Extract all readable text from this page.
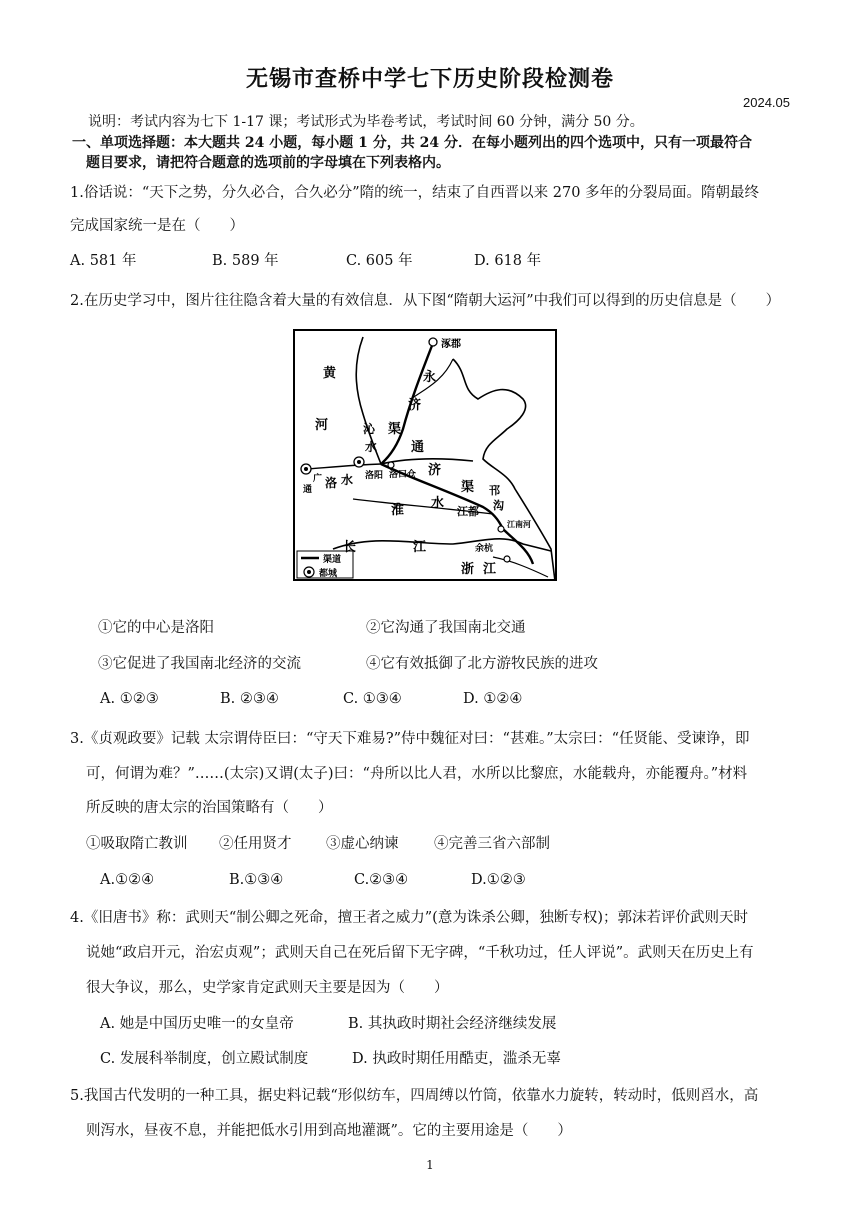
无锡市查桥中学七下历史阶段检测卷
2024.05
说明：考试内容为七下 1-17 课；考试形式为毕卷考试，考试时间 60 分钟，满分 50 分。
一、单项选择题：本大题共 24 小题，每小题 1 分，共 24 分．在每小题列出的四个选项中，只有一项最符合
题目要求，请把符合题意的选项前的字母填在下列表格内。
1.俗话说：“天下之势，分久必合，合久必分”隋的统一，结束了自西晋以来 270 多年的分裂局面。隋朝最终
完成国家统一是在（　　）
A. 581 年	B. 589 年	C. 605 年	D. 618 年
2.在历史学习中，图片往往隐含着大量的有效信息．从下图“隋朝大运河”中我们可以得到的历史信息是（　　）
涿郡
黄
河
永
济
沁
水
渠
通
洛阳 洛口仓 济
渠
广
通 洛 水
淮 水
邗
沟
江都
江南河
余杭
长	江
浙 江
渠道
都城
①它的中心是洛阳	②它沟通了我国南北交通
③它促进了我国南北经济的交流	④它有效抵御了北方游牧民族的进攻
A. ①②③	B. ②③④	C. ①③④	D. ①②④
3.《贞观政要》记载 太宗谓侍臣曰：“守天下难易?”侍中魏征对曰：“甚难。”太宗曰：“任贤能、受谏诤，即
可，何谓为难？”……(太宗)又谓(太子)曰：“舟所以比人君，水所以比黎庶，水能载舟，亦能覆舟。”材料
所反映的唐太宗的治国策略有（　　）
①吸取隋亡教训 ②任用贤才 ③虚心纳谏 ④完善三省六部制
A.①②④	B.①③④	C.②③④	D.①②③
4.《旧唐书》称：武则天“制公卿之死命，擅王者之威力”(意为诛杀公卿，独断专权)；郭沫若评价武则天时
说她“政启开元，治宏贞观”；武则天自己在死后留下无字碑，“千秋功过，任人评说”。武则天在历史上有
很大争议，那么，史学家肯定武则天主要是因为（　　）
A. 她是中国历史唯一的女皇帝	B. 其执政时期社会经济继续发展
C. 发展科举制度，创立殿试制度	D. 执政时期任用酷吏，滥杀无辜
5.我国古代发明的一种工具，据史料记载“形似纺车，四周缚以竹筒，依靠水力旋转，转动时，低则舀水，高
则泻水，昼夜不息，并能把低水引用到高地灌溉”。它的主要用途是（　　）
1
